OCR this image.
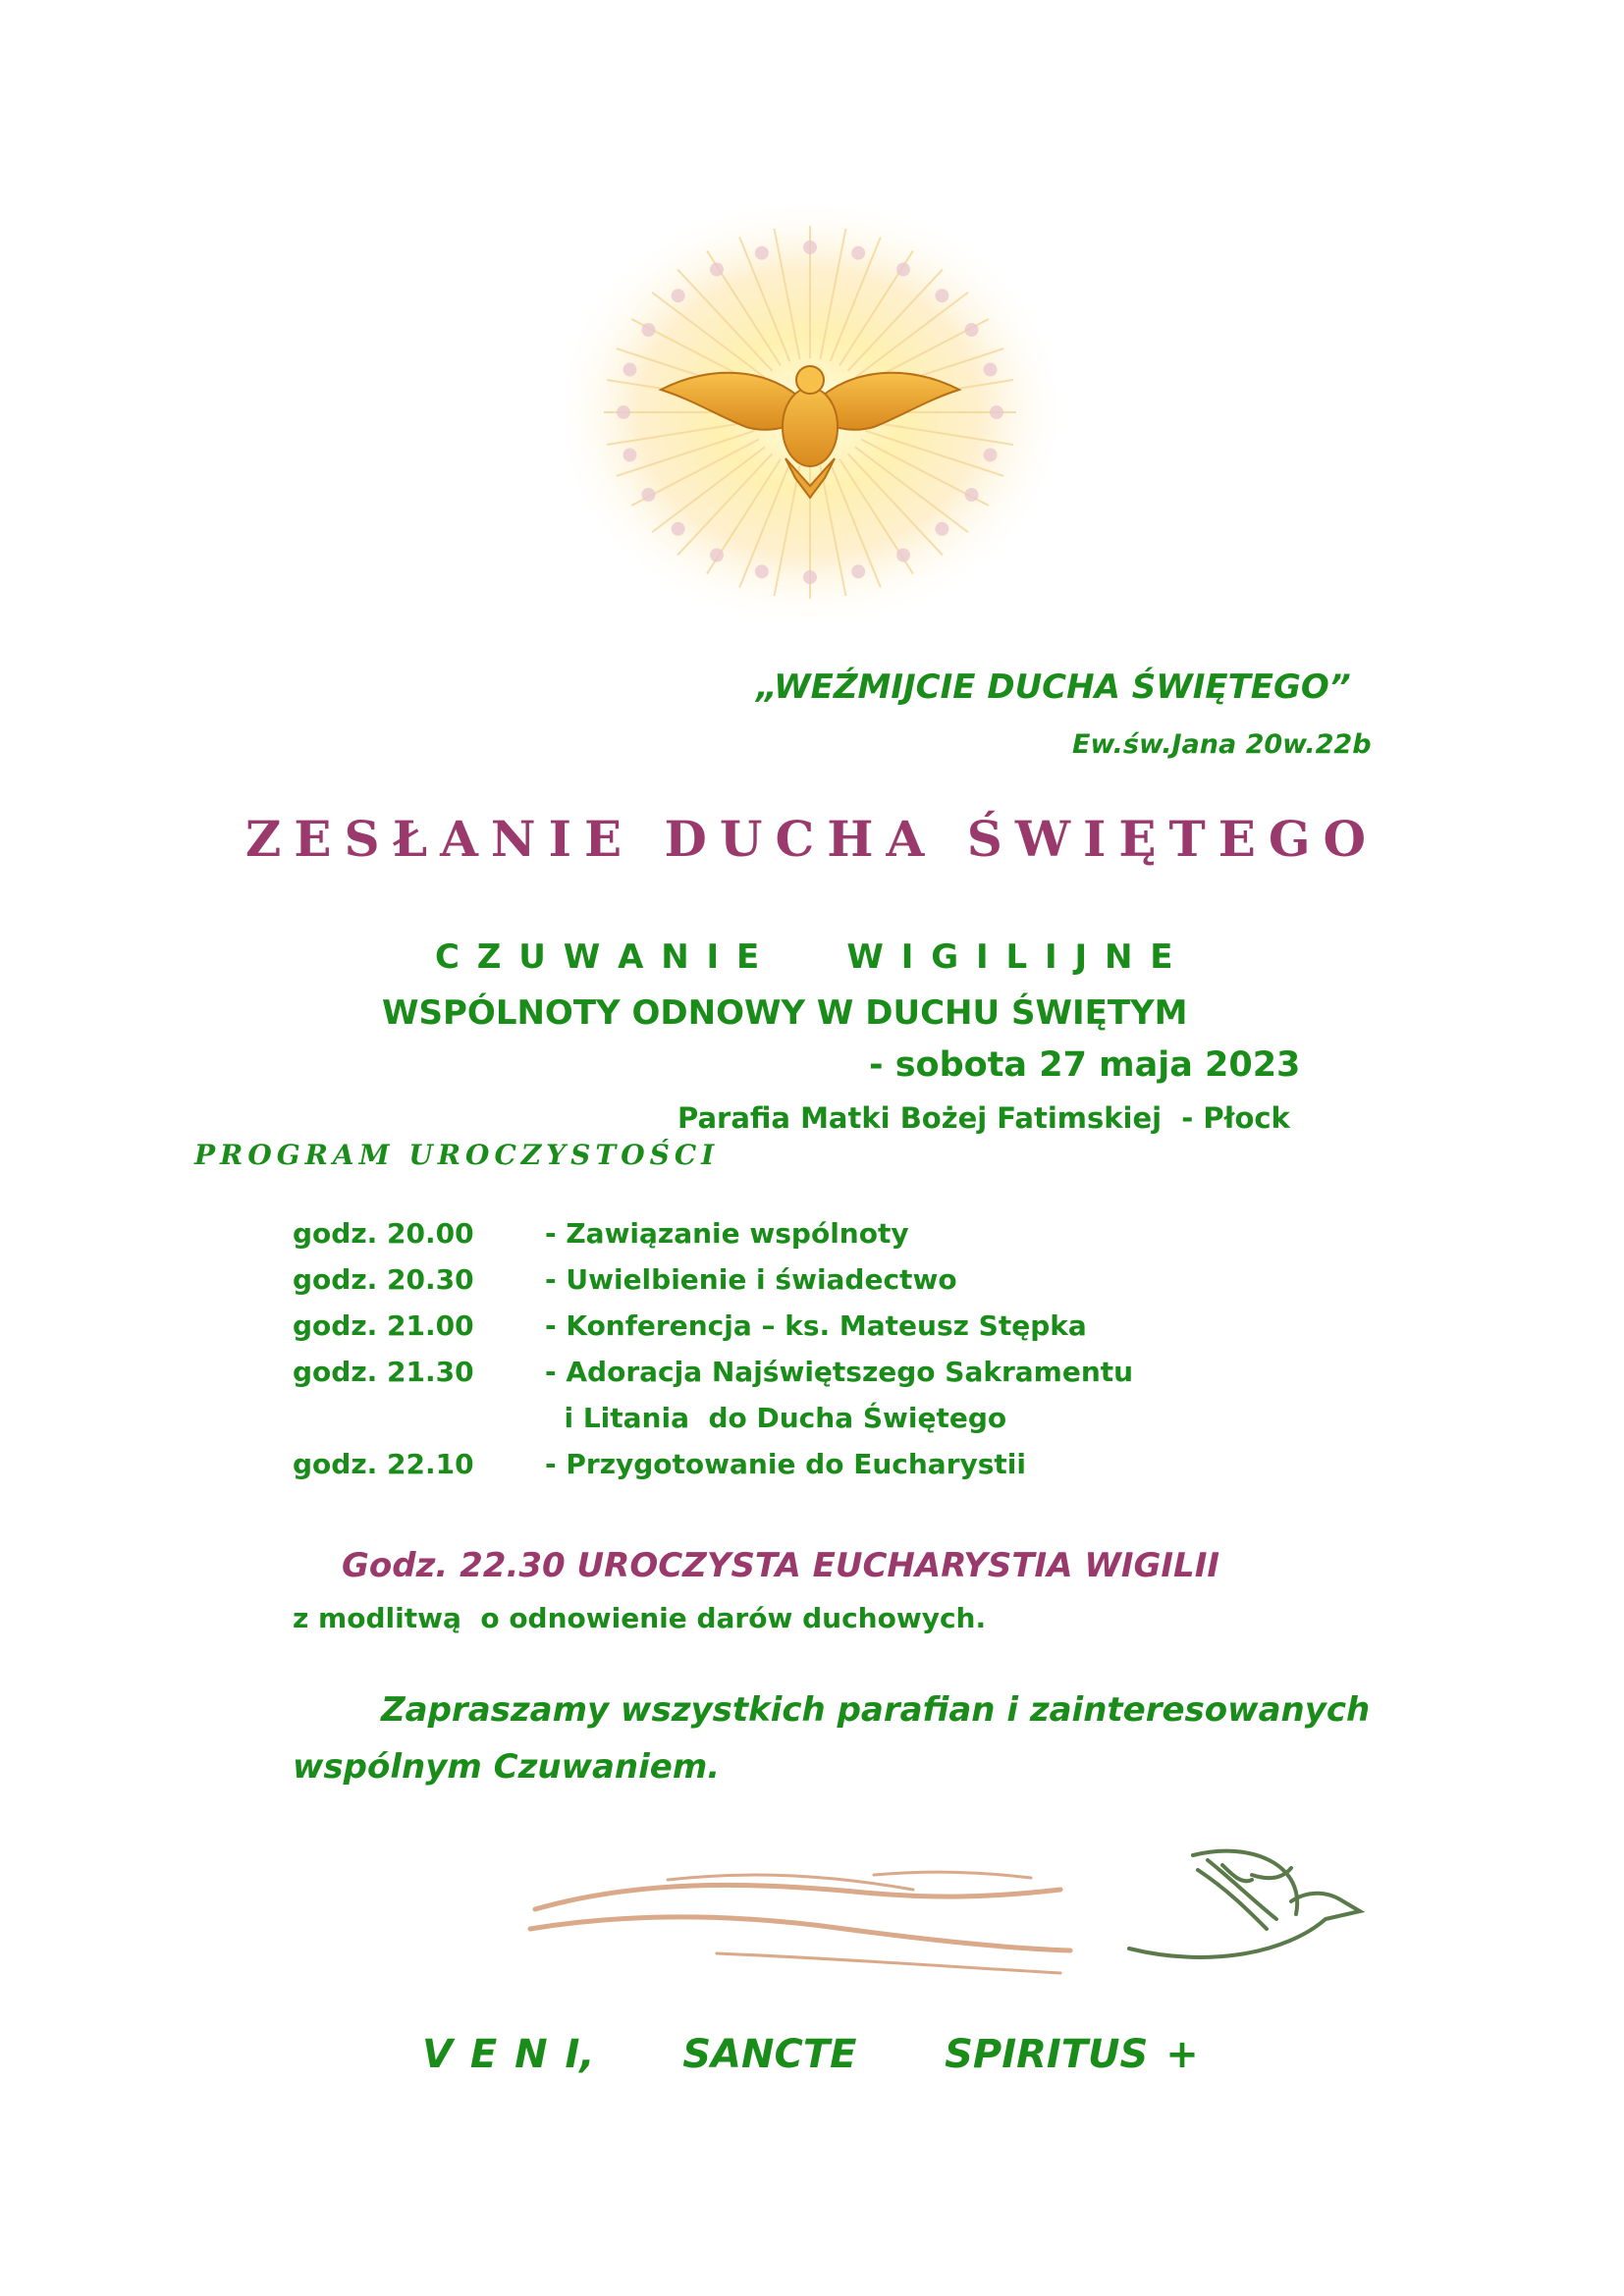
„WEŹMIJCIE DUCHA ŚWIĘTEGO”

Ew.św.Jana 20w.22b

ZESŁANIE DUCHA ŚWIĘTEGO

C Z U W A N I E     W I G I L I J N E

WSPÓLNOTY ODNOWY W DUCHU ŚWIĘTYM

- sobota 27 maja 2023

Parafia Matki Bożej Fatimskiej  - Płock

PROGRAM UROCZYSTOŚCI

godz. 20.00	- Zawiązanie wspólnoty
godz. 20.30	- Uwielbienie i świadectwo
godz. 21.00	- Konferencja – ks. Mateusz Stępka
godz. 21.30	- Adoracja Najświętszego Sakramentu
i Litania  do Ducha Świętego
godz. 22.10	- Przygotowanie do Eucharystii

Godz. 22.30 UROCZYSTA EUCHARYSTIA WIGILII

z modlitwą  o odnowienie darów duchowych.

Zapraszamy wszystkich parafian i zainteresowanych

wspólnym Czuwaniem.

V E N I,     SANCTE     SPIRITUS +
